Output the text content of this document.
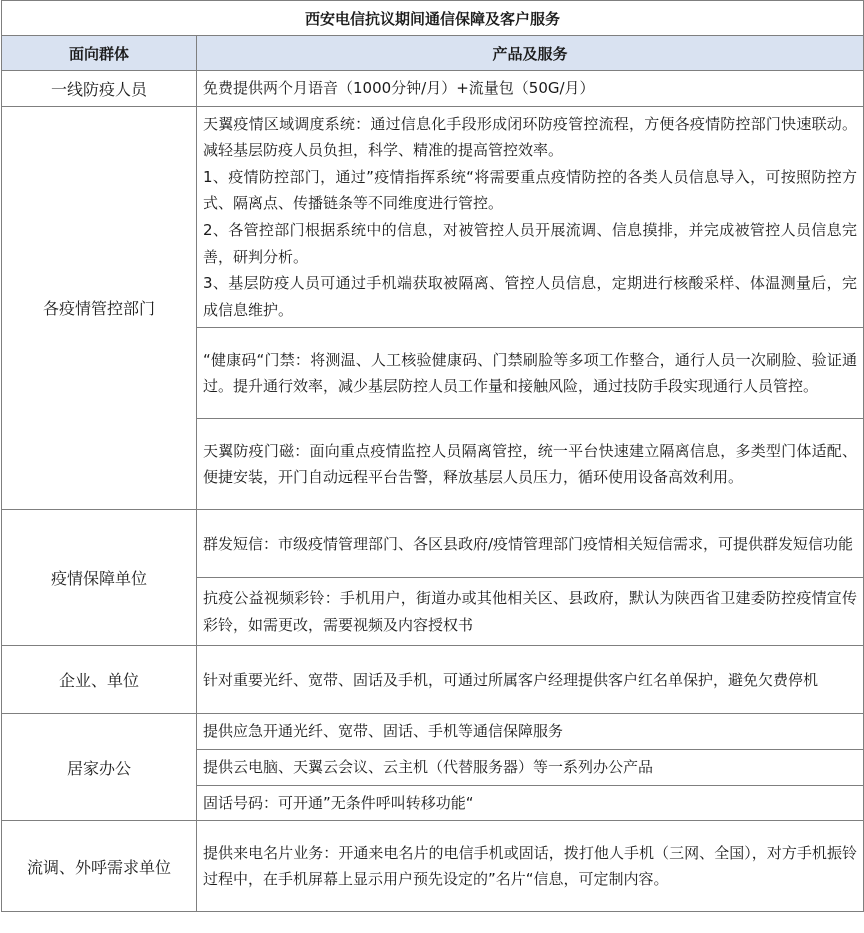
西安电信抗议期间通信保障及客户服务	
面向群体	产品及服务
一线防疫人员	免费提供两个月语音（1000分钟/月）+流量包（50G/月）

各疫情管控部门	天翼疫情区域调度系统：通过信息化手段形成闭环防疫管控流程，方便各疫情防控部门快速联动。减轻基层防疫人员负担，科学、精准的提高管控效率。
1、疫情防控部门，通过”疫情指挥系统“将需要重点疫情防控的各类人员信息导入，可按照防控方式、隔离点、传播链条等不同维度进行管控。
2、各管控部门根据系统中的信息，对被管控人员开展流调、信息摸排，并完成被管控人员信息完善，研判分析。
3、基层防疫人员可通过手机端获取被隔离、管控人员信息，定期进行核酸采样、体温测量后，完成信息维护。

	“健康码“门禁：将测温、人工核验健康码、门禁刷脸等多项工作整合，通行人员一次刷脸、验证通过。提升通行效率，减少基层防控人员工作量和接触风险，通过技防手段实现通行人员管控。

	天翼防疫门磁：面向重点疫情监控人员隔离管控，统一平台快速建立隔离信息，多类型门体适配、便捷安装，开门自动远程平台告警，释放基层人员压力，循环使用设备高效利用。

疫情保障单位	群发短信：市级疫情管理部门、各区县政府/疫情管理部门疫情相关短信需求，可提供群发短信功能

	抗疫公益视频彩铃：手机用户，街道办或其他相关区、县政府，默认为陕西省卫建委防控疫情宣传彩铃，如需更改，需要视频及内容授权书

企业、单位	针对重要光纤、宽带、固话及手机，可通过所属客户经理提供客户红名单保护，避免欠费停机

居家办公	提供应急开通光纤、宽带、固话、手机等通信保障服务

	提供云电脑、天翼云会议、云主机（代替服务器）等一系列办公产品

	固话号码：可开通”无条件呼叫转移功能“

流调、外呼需求单位	提供来电名片业务：开通来电名片的电信手机或固话，拨打他人手机（三网、全国），对方手机振铃过程中，在手机屏幕上显示用户预先设定的”名片“信息，可定制内容。
